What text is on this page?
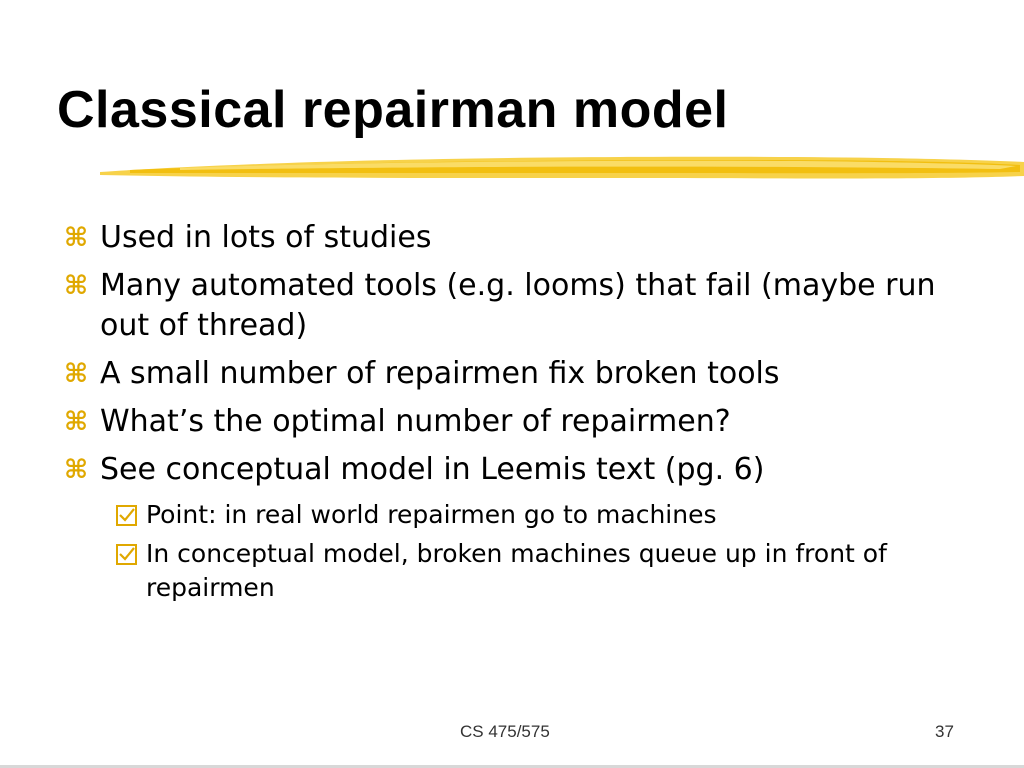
Classical repairman model
⌘ Used in lots of studies
⌘ Many automated tools (e.g. looms) that fail (maybe run out of thread)
⌘ A small number of repairmen fix broken tools
⌘ What’s the optimal number of repairmen?
⌘ See conceptual model in Leemis text (pg. 6)
Point: in real world repairmen go to machines
In conceptual model, broken machines queue up in front of repairmen
CS 475/575	37
